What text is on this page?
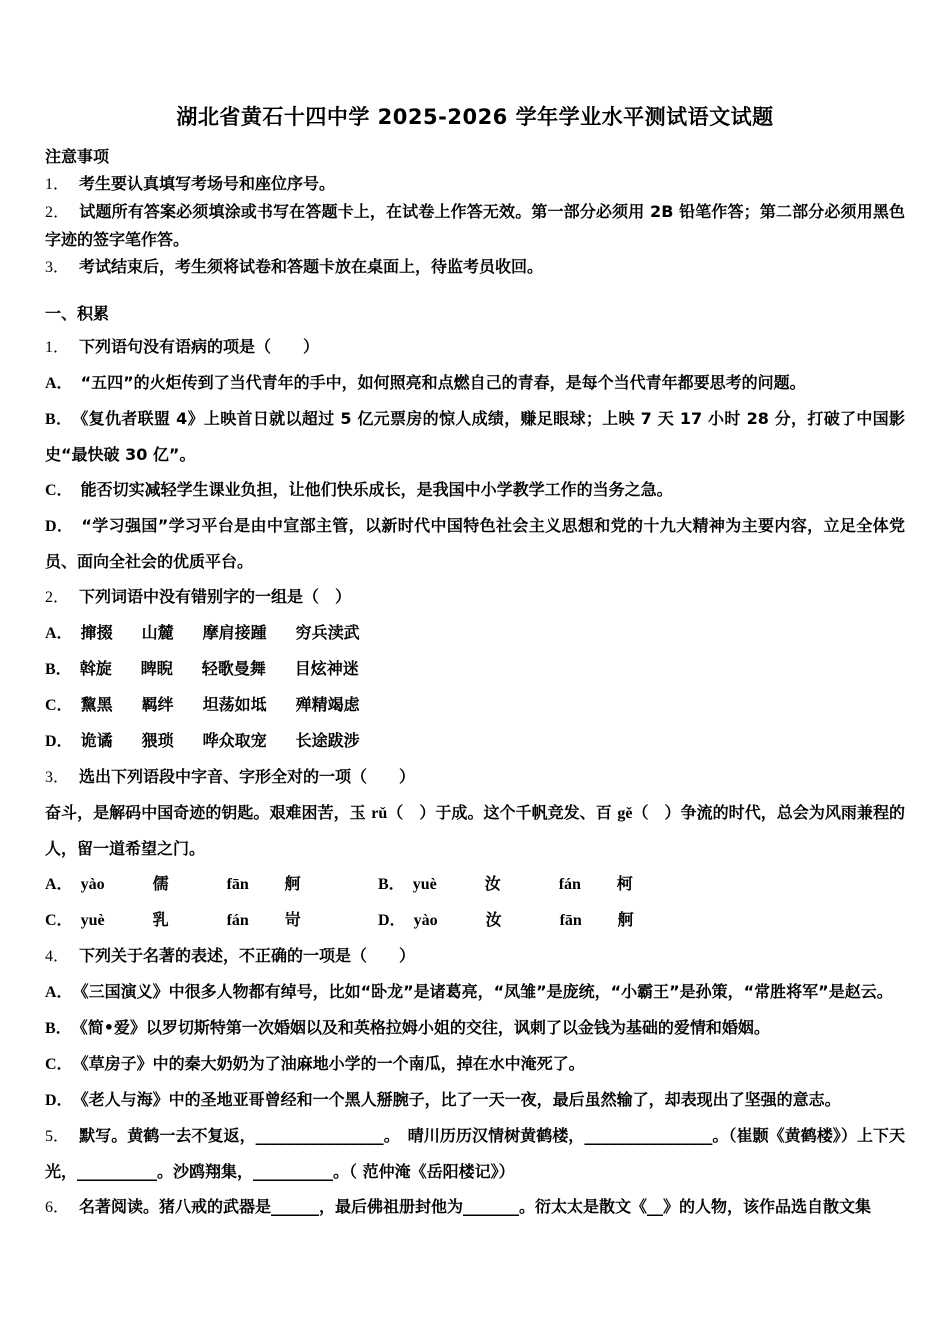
湖北省黄石十四中学 2025-2026 学年学业水平测试语文试题

注意事项

1． 考生要认真填写考场号和座位序号。

2． 试题所有答案必须填涂或书写在答题卡上，在试卷上作答无效。第一部分必须用 2B 铅笔作答；第二部分必须用黑色字迹的签字笔作答。

3． 考试结束后，考生须将试卷和答题卡放在桌面上，待监考员收回。

一、积累

1． 下列语句没有语病的项是（　　）

A． “五四”的火炬传到了当代青年的手中，如何照亮和点燃自己的青春，是每个当代青年都要思考的问题。

B． 《复仇者联盟 4》上映首日就以超过 5 亿元票房的惊人成绩，赚足眼球；上映 7 天 17 小时 28 分，打破了中国影史“最快破 30 亿”。

C． 能否切实减轻学生课业负担，让他们快乐成长，是我国中小学教学工作的当务之急。

D． “学习强国”学习平台是由中宣部主管，以新时代中国特色社会主义思想和党的十九大精神为主要内容，立足全体党员、面向全社会的优质平台。

2． 下列词语中没有错别字的一组是（　）

A． 撺掇 山麓 摩肩接踵 穷兵渎武

B． 斡旋 睥睨 轻歌曼舞 目炫神迷

C． 黧黑 羁绊 坦荡如坻 殚精竭虑

D． 诡谲 猥琐 哗众取宠 长途跋涉

3． 选出下列语段中字音、字形全对的一项（　　）

奋斗，是解码中国奇迹的钥匙。艰难困苦，玉 rǔ（　）于成。这个千帆竞发、百 gě（　）争流的时代，总会为风雨兼程的人，留一道希望之门。

A． yào	儒	fān 舸	B． yuè	汝	fán 柯

C． yuè	乳	fán 岢	D． yào	汝	fān 舸

4． 下列关于名著的表述，不正确的一项是（　　）

A． 《三国演义》中很多人物都有绰号，比如“卧龙”是诸葛亮，“凤雏”是庞统，“小霸王”是孙策，“常胜将军”是赵云。

B． 《简•爱》以罗切斯特第一次婚姻以及和英格拉姆小姐的交往，讽刺了以金钱为基础的爱情和婚姻。

C． 《草房子》中的秦大奶奶为了油麻地小学的一个南瓜，掉在水中淹死了。

D． 《老人与海》中的圣地亚哥曾经和一个黑人掰腕子，比了一天一夜，最后虽然输了，却表现出了坚强的意志。

5． 默写。黄鹤一去不复返，________________。　晴川历历汉情树黄鹤楼，________________。（崔颢《黄鹤楼》）上下天光，__________。沙鸥翔集，__________。（ 范仲淹《岳阳楼记》）

6． 名著阅读。猪八戒的武器是______，最后佛祖册封他为_______。衍太太是散文《__》的人物，该作品选自散文集
